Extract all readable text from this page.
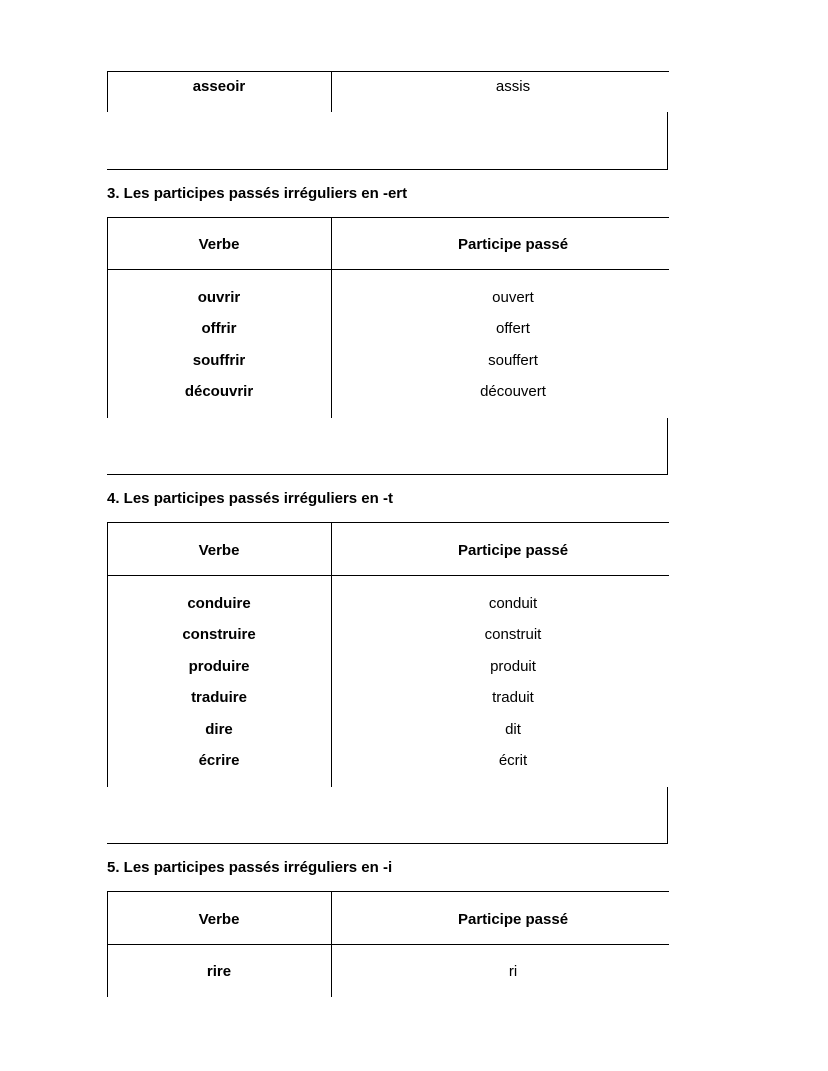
asseoir	assis
3. Les participes passés irréguliers en -ert
Verbe	Participe passé
ouvrir	ouvert
offrir	offert
souffrir	souffert
découvrir	découvert
4. Les participes passés irréguliers en -t
Verbe	Participe passé
conduire	conduit
construire	construit
produire	produit
traduire	traduit
dire	dit
écrire	écrit
5. Les participes passés irréguliers en -i
Verbe	Participe passé
rire	ri
